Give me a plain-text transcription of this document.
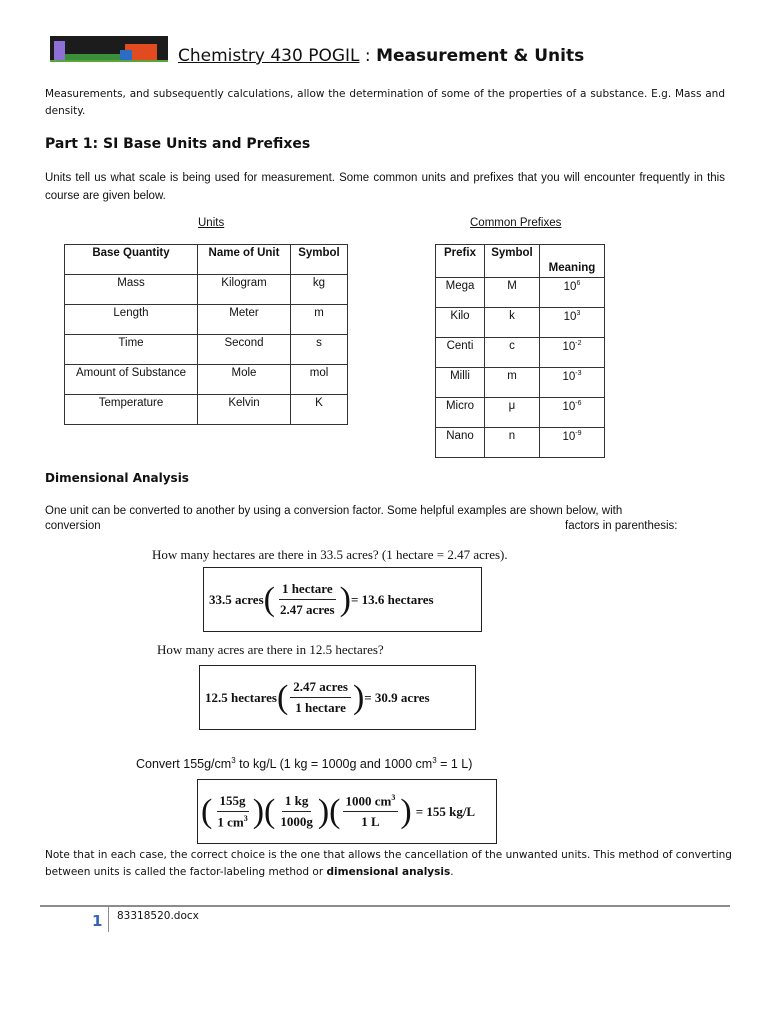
Chemistry 430 POGIL : Measurement & Units
Measurements, and subsequently calculations, allow the determination of some of the properties of a substance. E.g. Mass and density.
Part 1: SI Base Units and Prefixes
Units tell us what scale is being used for measurement. Some common units and prefixes that you will encounter frequently in this course are given below.
Units	Common Prefixes
Base Quantity	Name of Unit	Symbol
Mass	Kilogram	kg
Length	Meter	m
Time	Second	s
Amount of Substance	Mole	mol
Temperature	Kelvin	K
Prefix	Symbol	Meaning
Mega	M	$10^6$
Kilo	k	$10^3$
Centi	c	$10^{-2}$
Milli	m	$10^{-3}$
Micro	μ	$10^{-6}$
Nano	n	$10^{-9}$
Dimensional Analysis
One unit can be converted to another by using a conversion factor. Some helpful examples are shown below, with
conversion	factors in parenthesis:
How many hectares are there in 33.5 acres? (1 hectare = 2.47 acres).
33.5 acres ( $\frac{\text{1 hectare}}{\text{2.47 acres}}$ ) = 13.6 hectares
How many acres are there in 12.5 hectares?
12.5 hectares ( $\frac{\text{2.47 acres}}{\text{1 hectare}}$ ) = 30.9 acres
Convert $155g/cm^3$ to kg/L (1 kg = 1000g and 1000 $cm^3 = 1$ L)
( $\frac{155g}{1 cm^3}$ ) ( $\frac{1 kg}{1000g}$ ) ( $\frac{1000 cm^3}{1 L}$ ) = 155 kg/L
Note that in each case, the correct choice is the one that allows the cancellation of the unwanted units. This method of converting between units is called the factor-labeling method or dimensional analysis.
1 83318520.docx
